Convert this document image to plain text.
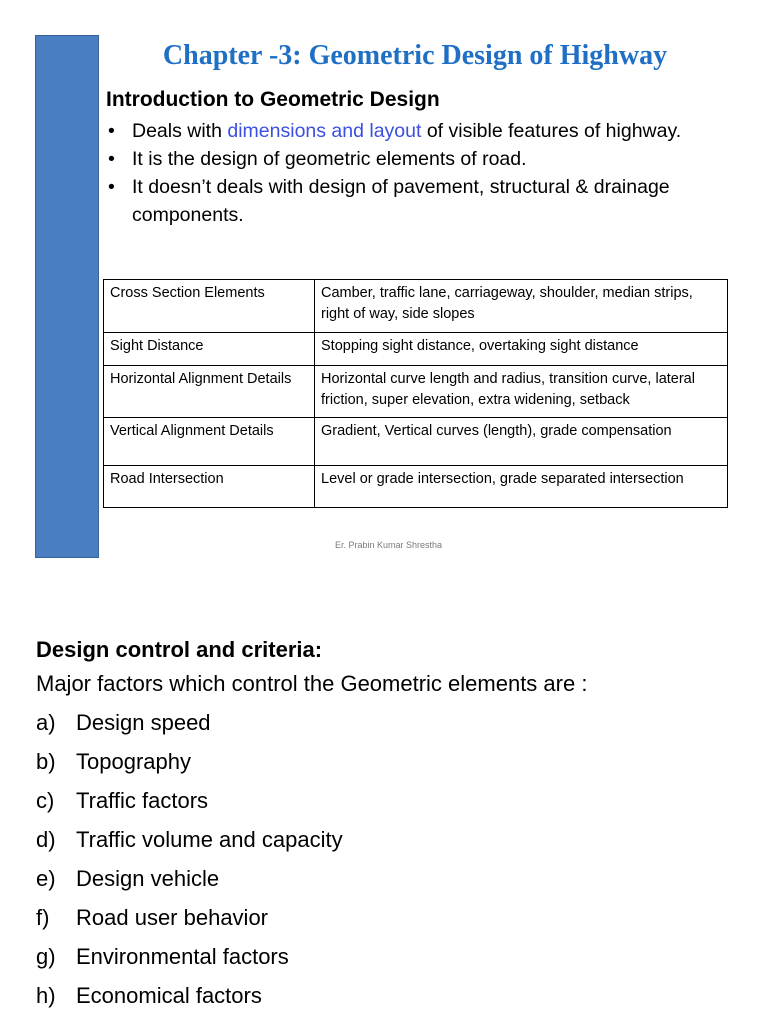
Chapter -3: Geometric Design of Highway
Introduction to Geometric Design
• Deals with dimensions and layout of visible features of highway.
• It is the design of geometric elements of road.
• It doesn’t deals with design of pavement, structural & drainage components.
Cross Section Elements	Camber, traffic lane, carriageway, shoulder, median strips, right of way, side slopes
Sight Distance	Stopping sight distance, overtaking sight distance
Horizontal Alignment Details	Horizontal curve length and radius, transition curve, lateral friction, super elevation, extra widening, setback
Vertical Alignment Details	Gradient, Vertical curves (length), grade compensation
Road Intersection	Level or grade intersection, grade separated intersection
Er. Prabin Kumar Shrestha

Design control and criteria:

Major factors which control the Geometric elements are :

a) Design speed
b) Topography
c) Traffic factors
d) Traffic volume and capacity
e) Design vehicle
f)	Road user behavior
g) Environmental factors
h) Economical factors
